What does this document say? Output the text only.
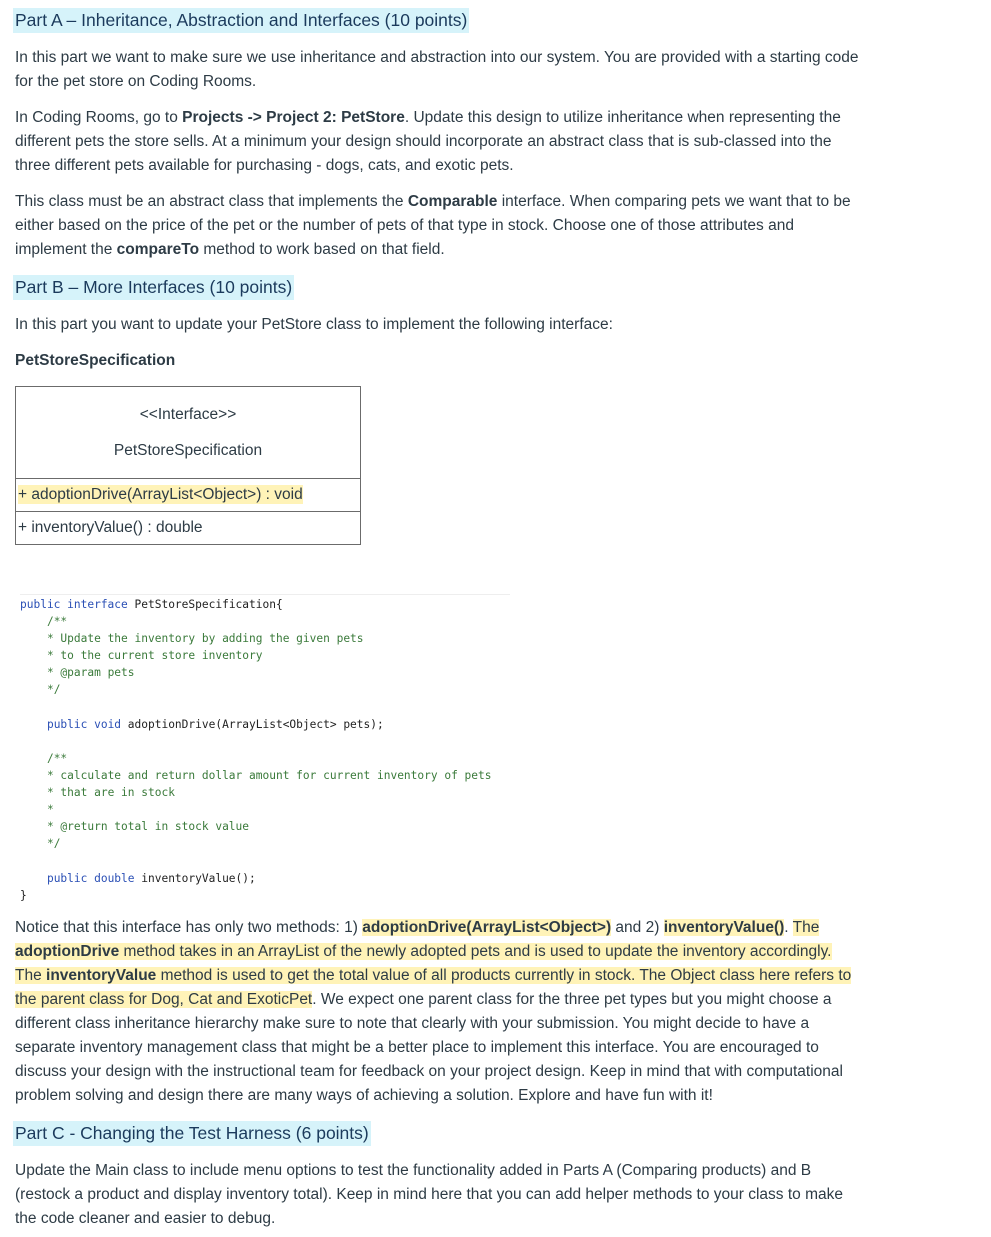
Part A – Inheritance, Abstraction and Interfaces (10 points)
In this part we want to make sure we use inheritance and abstraction into our system. You are provided with a starting code for the pet store on Coding Rooms.
In Coding Rooms, go to Projects -> Project 2: PetStore. Update this design to utilize inheritance when representing the different pets the store sells. At a minimum your design should incorporate an abstract class that is sub-classed into the three different pets available for purchasing - dogs, cats, and exotic pets.
This class must be an abstract class that implements the Comparable interface. When comparing pets we want that to be either based on the price of the pet or the number of pets of that type in stock. Choose one of those attributes and implement the compareTo method to work based on that field.
Part B – More Interfaces (10 points)
In this part you want to update your PetStore class to implement the following interface:
PetStoreSpecification
<<Interface>>
PetStoreSpecification
+ adoptionDrive(ArrayList<Object>) : void
+ inventoryValue() : double
public interface PetStoreSpecification{
/**
* Update the inventory by adding the given pets
* to the current store inventory
* @param pets
*/

public void adoptionDrive(ArrayList<Object> pets);

/**
* calculate and return dollar amount for current inventory of pets
* that are in stock
*
* @return total in stock value
*/

public double inventoryValue();
}
Notice that this interface has only two methods: 1) adoptionDrive(ArrayList<Object>) and 2) inventoryValue(). The adoptionDrive method takes in an ArrayList of the newly adopted pets and is used to update the inventory accordingly. The inventoryValue method is used to get the total value of all products currently in stock. The Object class here refers to the parent class for Dog, Cat and ExoticPet. We expect one parent class for the three pet types but you might choose a different class inheritance hierarchy make sure to note that clearly with your submission. You might decide to have a separate inventory management class that might be a better place to implement this interface. You are encouraged to discuss your design with the instructional team for feedback on your project design. Keep in mind that with computational problem solving and design there are many ways of achieving a solution. Explore and have fun with it!
Part C - Changing the Test Harness (6 points)
Update the Main class to include menu options to test the functionality added in Parts A (Comparing products) and B (restock a product and display inventory total). Keep in mind here that you can add helper methods to your class to make the code cleaner and easier to debug.
